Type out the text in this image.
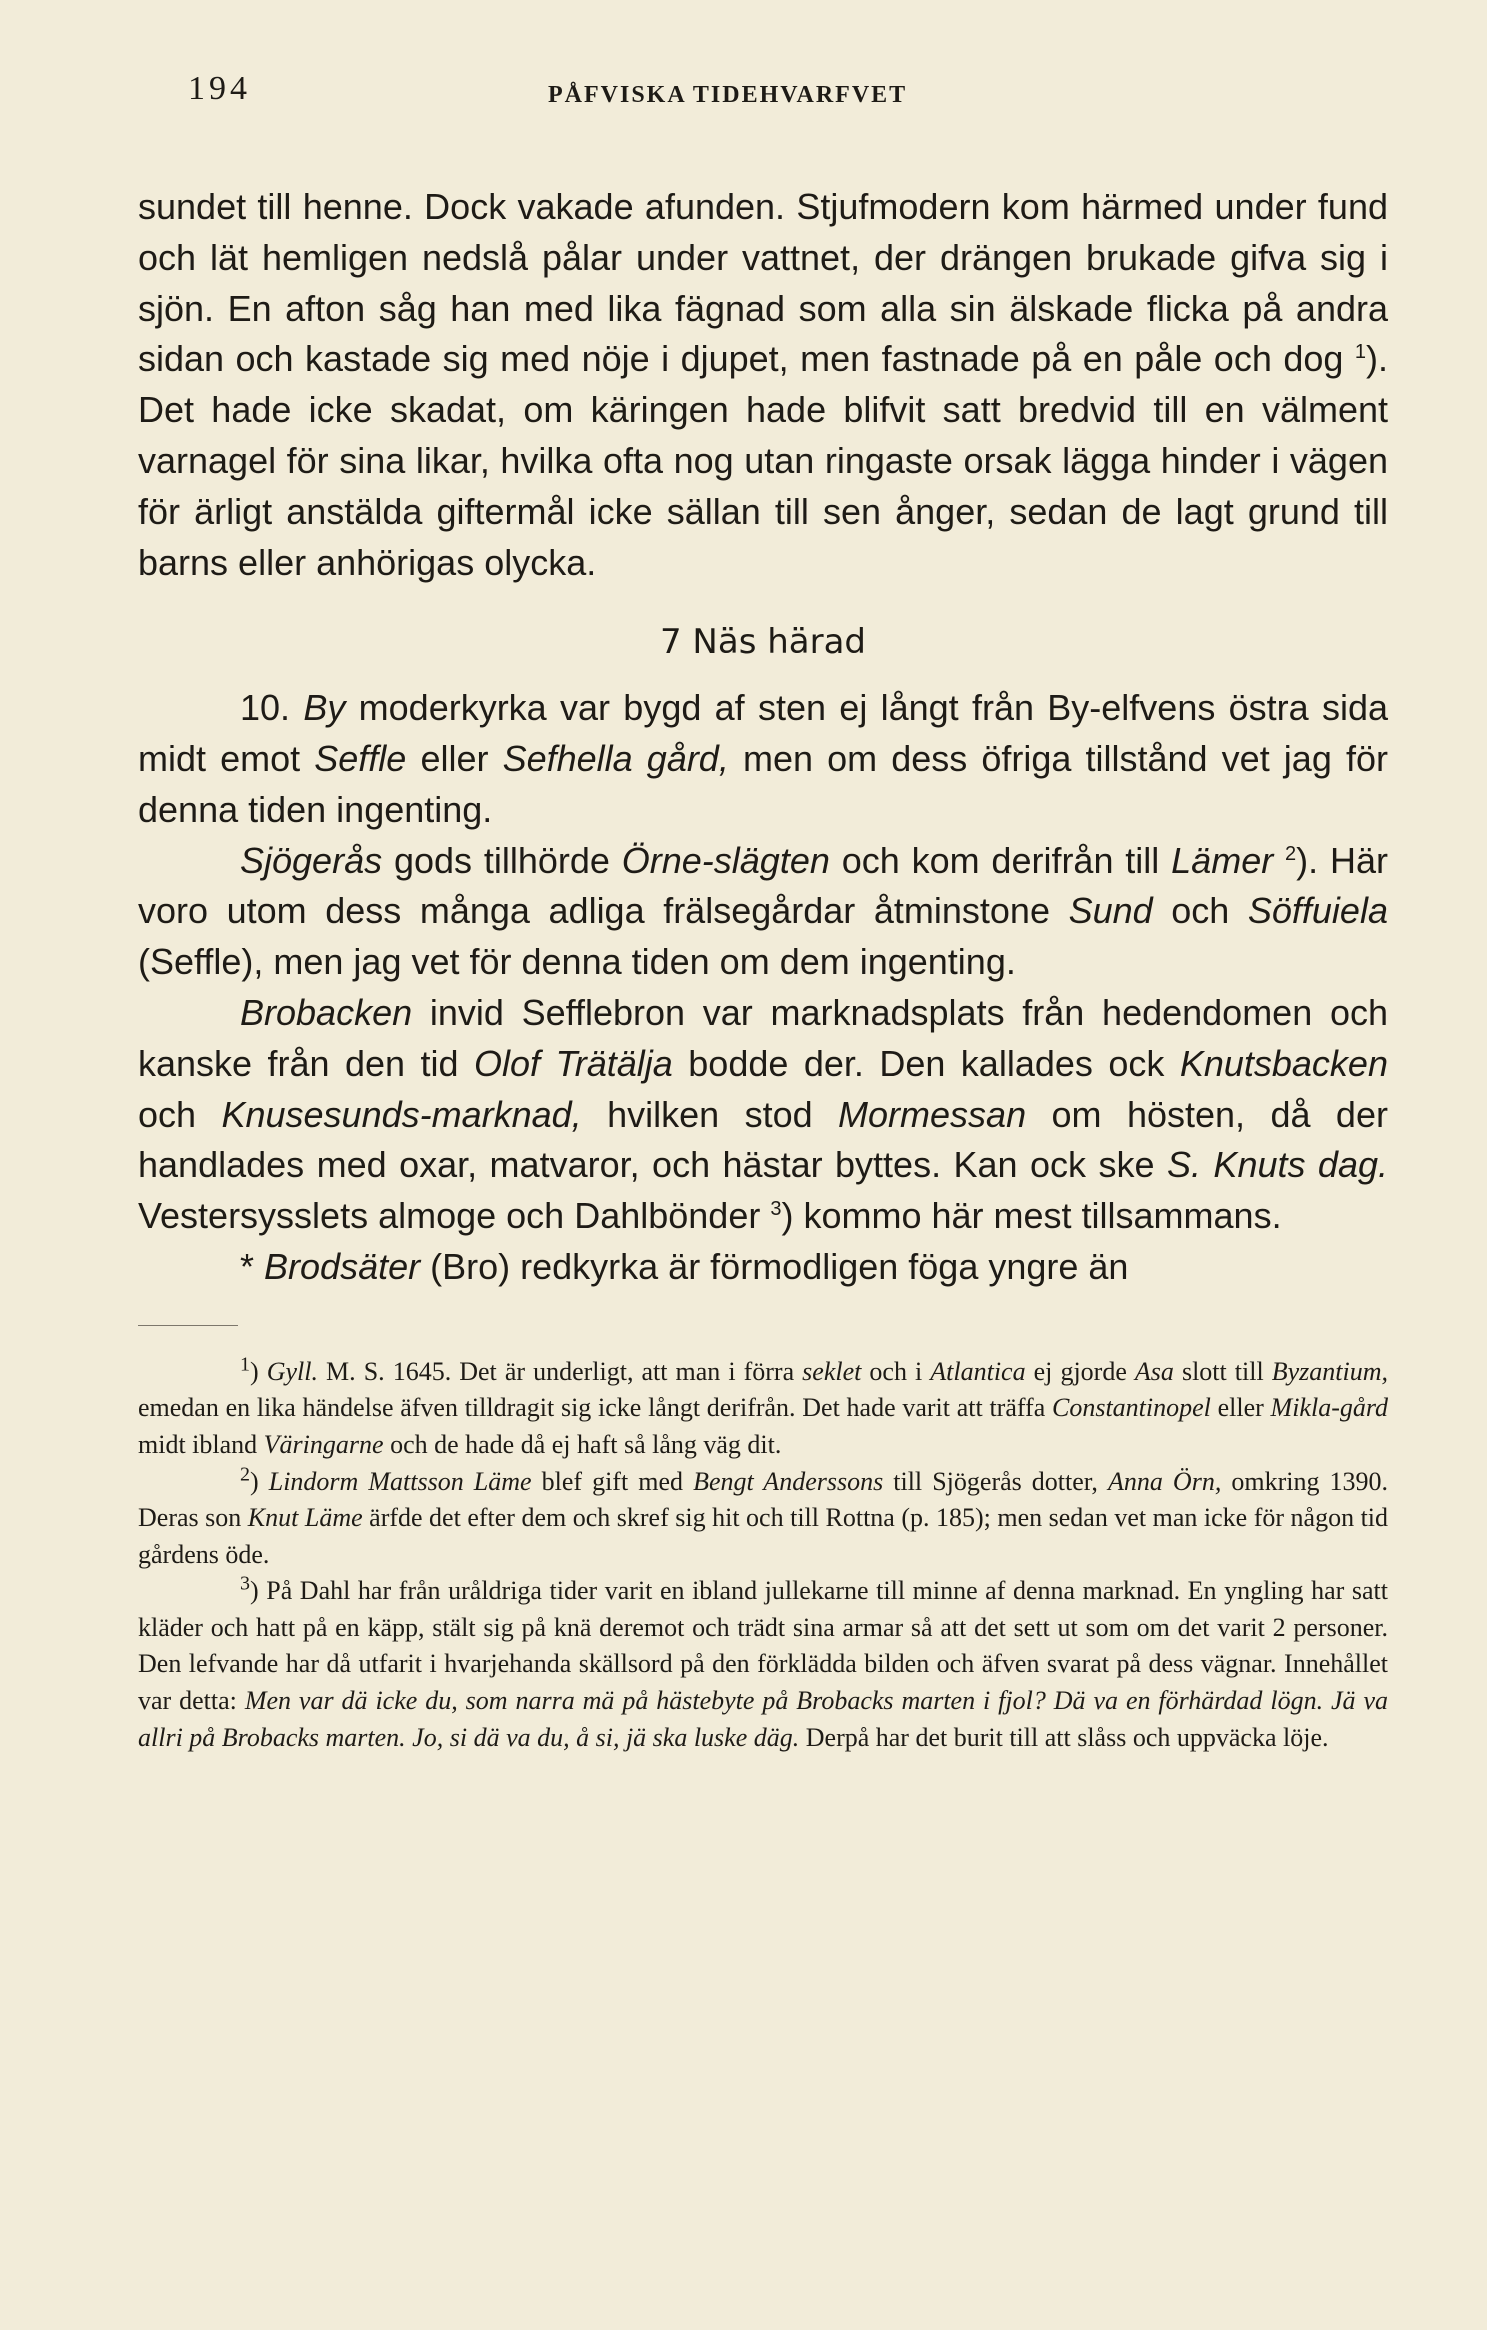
194	PÅFVISKA TIDEHVARFVET

sundet till henne. Dock vakade afunden. Stjufmodern kom härmed under fund och lät hemligen nedslå pålar under vattnet, der drängen brukade gifva sig i sjön. En afton såg han med lika fägnad som alla sin älskade flicka på andra sidan och kastade sig med nöje i djupet, men fastnade på en påle och dog $^1$). Det hade icke skadat, om käringen hade blifvit satt bredvid till en välment varnagel för sina likar, hvilka ofta nog utan ringaste orsak lägga hinder i vägen för ärligt anstälda giftermål icke sällan till sen ånger, sedan de lagt grund till barns eller anhörigas olycka.

7 Näs härad

10. By moderkyrka var bygd af sten ej långt från By-elfvens östra sida midt emot Seffle eller Sefhella gård, men om dess öfriga tillstånd vet jag för denna tiden ingenting.

Sjögerås gods tillhörde Örne-slägten och kom derifrån till Lämer $^2$). Här voro utom dess många adliga frälsegårdar åtminstone Sund och Söffuiela (Seffle), men jag vet för denna tiden om dem ingenting.

Brobacken invid Sefflebron var marknadsplats från hedendomen och kanske från den tid Olof Trätälja bodde der. Den kallades ock Knutsbacken och Knusesunds-marknad, hvilken stod Mormessan om hösten, då der handlades med oxar, matvaror, och hästar byttes. Kan ock ske S. Knuts dag. Vestersysslets almoge och Dahlbönder $^3$) kommo här mest tillsammans.

* Brodsäter (Bro) redkyrka är förmodligen föga yngre än

$^1$) Gyll. M. S. 1645. Det är underligt, att man i förra seklet och i Atlantica ej gjorde Asa slott till Byzantium, emedan en lika händelse äfven tilldragit sig icke långt derifrån. Det hade varit att träffa Constantinopel eller Mikla-gård midt ibland Väringarne och de hade då ej haft så lång väg dit.

$^2$) Lindorm Mattsson Läme blef gift med Bengt Anderssons till Sjögerås dotter, Anna Örn, omkring 1390. Deras son Knut Läme ärfde det efter dem och skref sig hit och till Rottna (p. 185); men sedan vet man icke för någon tid gårdens öde.

$^3$) På Dahl har från uråldriga tider varit en ibland jullekarne till minne af denna marknad. En yngling har satt kläder och hatt på en käpp, stält sig på knä deremot och trädt sina armar så att det sett ut som om det varit 2 personer. Den lefvande har då utfarit i hvarjehanda skällsord på den förklädda bilden och äfven svarat på dess vägnar. Innehållet var detta: Men var dä icke du, som narra mä på hästebyte på Brobacks marten i fjol? Dä va en förhärdad lögn. Jä va allri på Brobacks marten. Jo, si dä va du, å si, jä ska luske däg. Derpå har det burit till att slåss och uppväcka löje.
